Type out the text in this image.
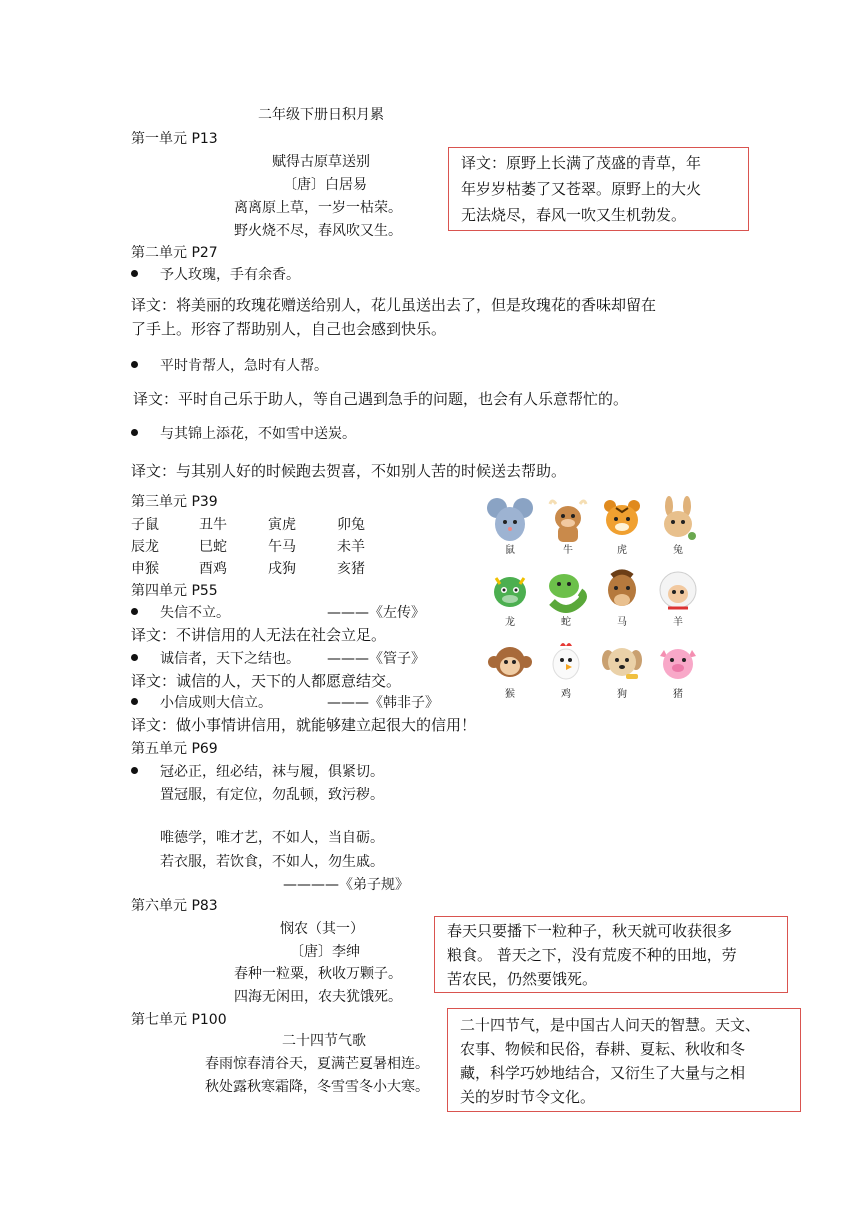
二年级下册日积月累
第一单元 P13
赋得古原草送别
〔唐〕白居易
离离原上草，一岁一枯荣。
野火烧不尽，春风吹又生。
译文：原野上长满了茂盛的青草，年
年岁岁枯萎了又苍翠。原野上的大火
无法烧尽，春风一吹又生机勃发。
第二单元 P27
予人玫瑰，手有余香。
译文：将美丽的玫瑰花赠送给别人，花儿虽送出去了，但是玫瑰花的香味却留在
了手上。形容了帮助别人，自己也会感到快乐。
平时肯帮人，急时有人帮。
译文：平时自己乐于助人，等自己遇到急手的问题，也会有人乐意帮忙的。
与其锦上添花，不如雪中送炭。
译文：与其别人好的时候跑去贺喜，不如别人苦的时候送去帮助。
第三单元 P39
子鼠	丑牛	寅虎	卯兔
辰龙	巳蛇	午马	未羊
申猴	酉鸡	戌狗	亥猪
鼠	牛	虎	兔
龙	蛇	马	羊
猴	鸡	狗	猪
第四单元 P55
失信不立。	———《左传》
译文：不讲信用的人无法在社会立足。
诚信者，天下之结也。 ———《管子》
译文：诚信的人，天下的人都愿意结交。
小信成则大信立。	———《韩非子》
译文：做小事情讲信用，就能够建立起很大的信用！
第五单元 P69
冠必正，纽必结，袜与履，俱紧切。
置冠服，有定位，勿乱顿，致污秽。
唯德学，唯才艺，不如人，当自砺。
若衣服，若饮食，不如人，勿生戚。
————《弟子规》
第六单元 P83
悯农（其一）
〔唐〕李绅
春种一粒粟，秋收万颗子。
四海无闲田，农夫犹饿死。
春天只要播下一粒种子，秋天就可收获很多
粮食。 普天之下，没有荒废不种的田地，劳
苦农民，仍然要饿死。
第七单元 P100
二十四节气歌
春雨惊春清谷天，夏满芒夏暑相连。
秋处露秋寒霜降，冬雪雪冬小大寒。
二十四节气，是中国古人问天的智慧。天文、
农事、物候和民俗，春耕、夏耘、秋收和冬
藏，科学巧妙地结合，又衍生了大量与之相
关的岁时节令文化。
